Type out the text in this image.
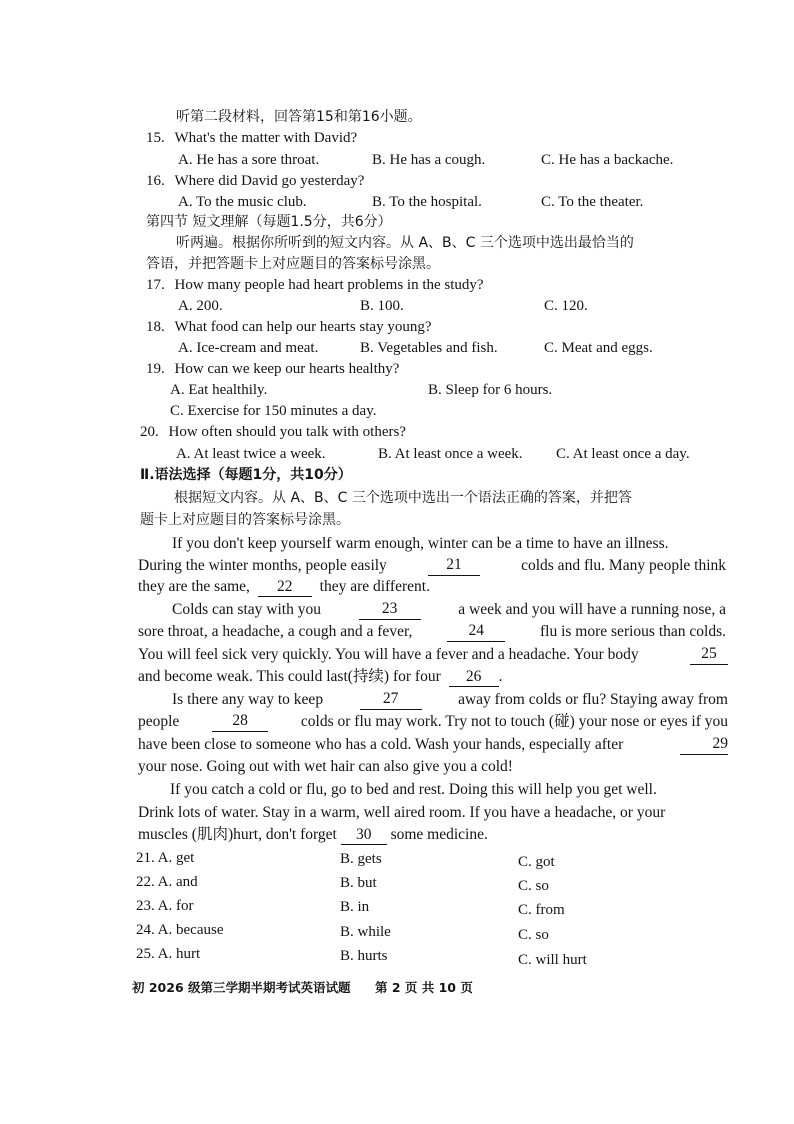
听第二段材料，回答第15和第16小题。
15. What's the matter with David?
A. He has a sore throat.	B. He has a cough.	C. He has a backache.
16. Where did David go yesterday?
A. To the music club.	B. To the hospital.	C. To the theater.
第四节 短文理解（每题1.5分，共6分）
听两遍。根据你所听到的短文内容。从 A、B、C 三个选项中选出最恰当的
答语，并把答题卡上对应题目的答案标号涂黑。
17. How many people had heart problems in the study?
A. 200.	B. 100.	C. 120.
18. What food can help our hearts stay young?
A. Ice-cream and meat.	B. Vegetables and fish.	C. Meat and eggs.
19. How can we keep our hearts healthy?
A. Eat healthily.	B. Sleep for 6 hours.
C. Exercise for 150 minutes a day.
20. How often should you talk with others?
A. At least twice a week.	B. At least once a week. C. At least once a day.
Ⅱ.语法选择（每题1分，共10分）
根据短文内容。从 A、B、C 三个选项中选出一个语法正确的答案，并把答
题卡上对应题目的答案标号涂黑。
If you don't keep yourself warm enough, winter can be a time to have an illness.
During the winter months, people easily	21	colds and flu. Many people think
they are the same, 22 they are different.
Colds can stay with you	23	a week and you will have a running nose, a
sore throat, a headache, a cough and a fever,	24	flu is more serious than colds.
You will feel sick very quickly. You will have a fever and a headache. Your body	25
and become weak. This could last(持续) for four 26 .
Is there any way to keep	27	away from colds or flu? Staying away from
people	28	colds or flu may work. Try not to touch (碰) your nose or eyes if you
have been close to someone who has a cold. Wash your hands, especially after	29
your nose. Going out with wet hair can also give you a cold!
If you catch a cold or flu, go to bed and rest. Doing this will help you get well.
Drink lots of water. Stay in a warm, well aired room. If you have a headache, or your
muscles (肌肉)hurt, don't forget 30 some medicine.
21. A. get	B. gets	C. got
22. A. and	B. but	C. so
23. A. for	B. in	C. from
24. A. because	B. while	C. so
25. A. hurt	B. hurts	C. will hurt
初 2026 级第三学期半期考试英语试题 第 2 页 共 10 页
